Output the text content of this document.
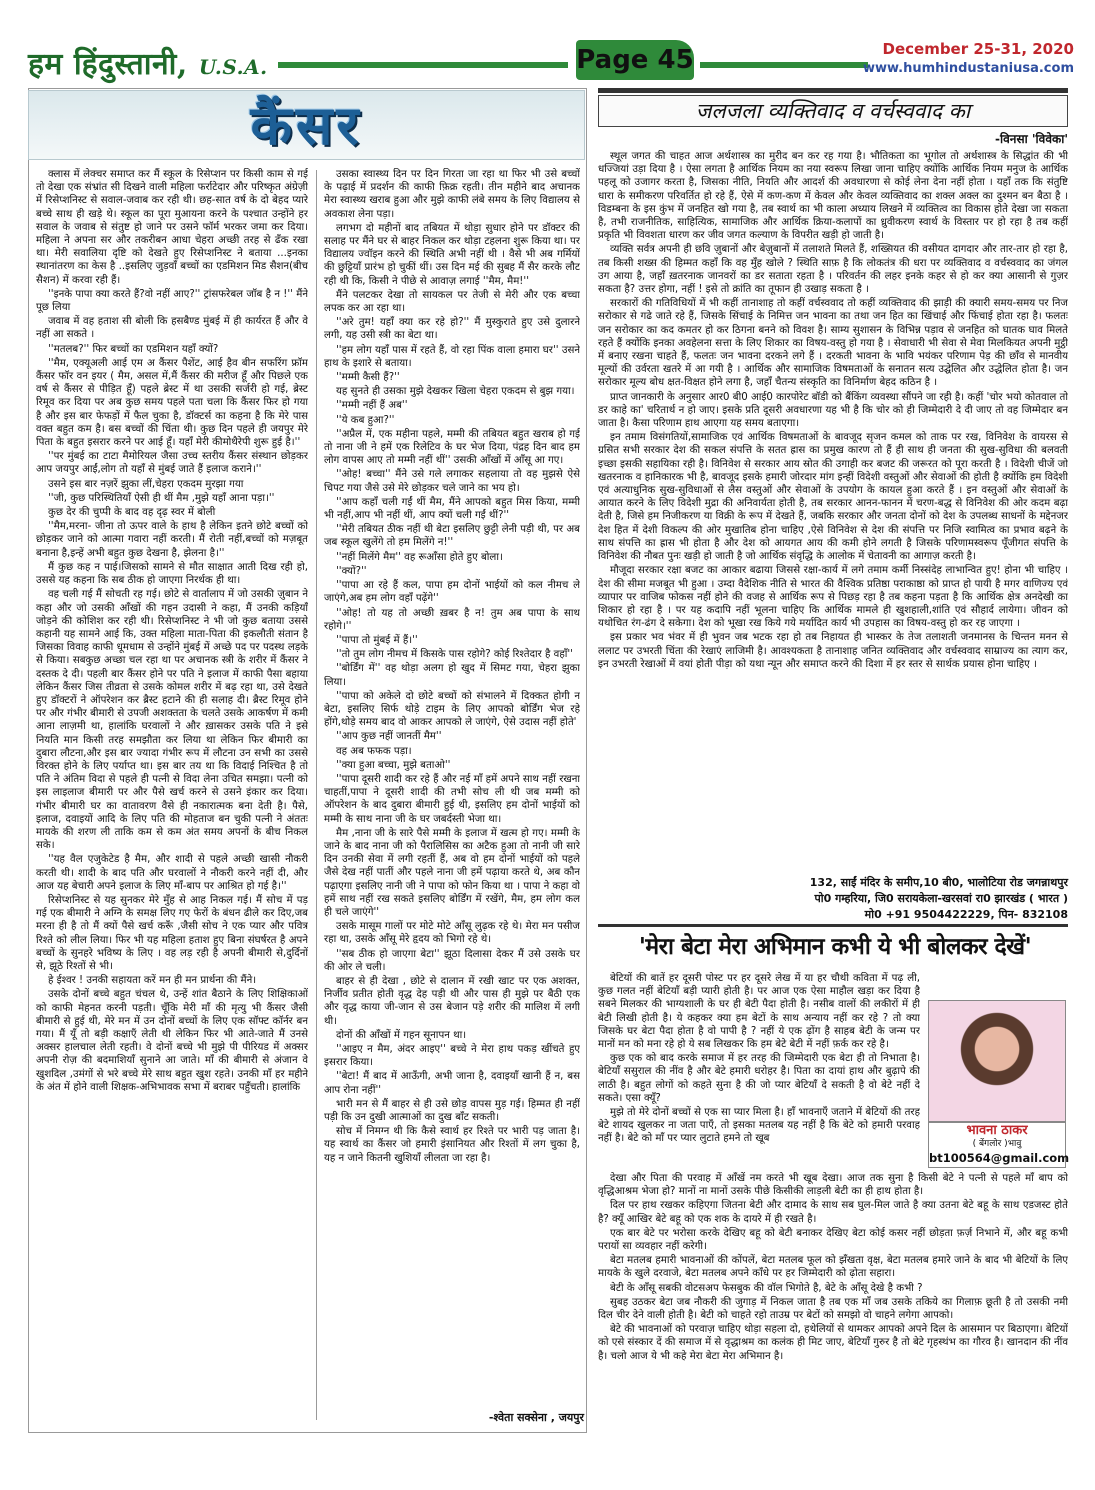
हम हिंदुस्तानी, U.S.A.	Page 45	December 25-31, 2020
www.humhindustaniusa.com
कैंसर

क्लास में लेक्चर समाप्त कर मैं स्कूल के रिसेप्शन पर किसी काम से गई तो देखा एक संभ्रांत सी दिखने वाली महिला फर्राटेदार और परिष्कृत अंग्रेज़ी में रिसेप्शनिस्ट से सवाल-जवाब कर रही थी। छह-सात वर्ष के दो बेहद प्यारे बच्चे साथ ही खड़े थे। स्कूल का पूरा मुआयना करने के पश्चात उन्होंने हर सवाल के जवाब से संतुष्ट हो जाने पर उसने फॉर्म भरकर जमा कर दिया। महिला ने अपना सर और तकरीबन आधा चेहरा अच्छी तरह से ढँक रखा था। मेरी सवालिया दृष्टि को देखते हुए रिसेप्शनिस्ट ने बताया ...इनका स्थानांतरण का केस है ..इसलिए जुड़वाँ बच्चों का एडमिशन मिड सैशन(बीच सैशन) में करवा रही हैं।

''इनके पापा क्या करते हैं?वो नहीं आए?'' ट्रांसफरेबल जॉब है न !'' मैंने पूछ लिया

जवाब में वह हताश सी बोली कि हसबैण्ड मुंबई में ही कार्यरत हैं और वे नहीं आ सकते ।

''मतलब?'' फिर बच्चों का एडमिशन यहाँ क्यों?

''मैम, एक्यूअली आई एम अ कैंसर पैशेंट, आई हैव बीन सफरिंग फ्रॉम कैंसर फॉर वन इयर ( मैम, असल में,मैं कैंसर की मरीज हूँ और पिछले एक वर्ष से कैंसर से पीड़ित हूँ) पहले ब्रेस्ट में था उसकी सर्जरी हो गई, ब्रेस्ट रिमूव कर दिया पर अब कुछ समय पहले पता चला कि कैंसर फिर हो गया है और इस बार फेफड़ों में फैल चुका है, डॉक्टर्स का कहना है कि मेरे पास वक्त बहुत कम है। बस बच्चों की चिंता थी। कुछ दिन पहले ही जयपुर मेरे पिता के बहुत इसरार करने पर आई हूँ। यहाँ मेरी कीमोथैरेपी शुरू हुई है।''

''पर मुंबई का टाटा मैमोरियल जैसा उच्च स्तरीय कैंसर संस्थान छोड़कर आप जयपुर आईं,लोग तो यहाँ से मुंबई जाते हैं इलाज कराने।''

उसने इस बार नज़रें झुका लीं,चेहरा एकदम मुरझा गया

''जी, कुछ परिस्थितियाँ ऐसी ही थीं मैम ,मुझे यहाँ आना पड़ा।''

कुछ देर की चुप्पी के बाद वह दृढ़ स्वर में बोली

''मैम,मरना- जीना तो ऊपर वाले के हाथ है लेकिन इतने छोटे बच्चों को छोड़कर जाने को आत्मा गवारा नहीं करती। मैं रोती नहीं,बच्चों को मज़बूत बनाना है,इन्हें अभी बहुत कुछ देखना है, झेलना है।''

मैं कुछ कह न पाई।जिसको सामने से मौत साक्षात आती दिख रही हो, उससे यह कहना कि सब ठीक हो जाएगा निरर्थक ही था।

वह चली गई मैं सोचती रह गई। छोटे से वार्तालाप में जो उसकी ज़ुबान ने कहा और जो उसकी आँखों की गहन उदासी ने कहा, मैं उनकी कड़ियाँ जोड़ने की कोशिश कर रही थी। रिसेप्शनिस्ट ने भी जो कुछ बताया उससे कहानी यह सामने आई कि, उक्त महिला माता-पिता की इकलौती संतान है जिसका विवाह काफी धूमधाम से उन्होंने मुंबई में अच्छे पद पर पदस्थ लड़के से किया। सबकुछ अच्छा चल रहा था पर अचानक स्त्री के शरीर में कैंसर ने दस्तक दे दी। पहली बार कैंसर होने पर पति ने इलाज में काफी पैसा बहाया लेकिन कैंसर जिस तीव्रता से उसके कोमल शरीर में बढ़ रहा था, उसे देखते हुए डॉक्टरों ने ऑपरेशन कर ब्रैस्ट हटाने की ही सलाह दी। ब्रैस्ट रिमूव होने पर और गंभीर बीमारी से उपजी अशक्तता के चलते उसके आकर्षण में कमी आना लाज़मी था, हालांकि घरवालों ने और ख़ासकर उसके पति ने इसे नियति मान किसी तरह समझौता कर लिया था लेकिन फिर बीमारी का दुबारा लौटना,और इस बार ज्यादा गंभीर रूप में लौटना उन सभी का उससे विरक्त होने के लिए पर्याप्त था। इस बार तय था कि विदाई निश्चित है तो पति ने अंतिम विदा से पहले ही पत्नी से विदा लेना उचित समझा। पत्नी को इस लाइलाज बीमारी पर और पैसे खर्च करने से उसने इंकार कर दिया। गंभीर बीमारी घर का वातावरण वैसे ही नकारात्मक बना देती है। पैसे, इलाज, दवाइयों आदि के लिए पति की मोहताज बन चुकी पत्नी ने अंततः मायके की शरण ली ताकि कम से कम अंत समय अपनों के बीच निकल सके।

''यह वैल एजुकेटेड है मैम, और शादी से पहले अच्छी खासी नौकरी करती थी। शादी के बाद पति और घरवालों ने नौकरी करने नहीं दी, और आज यह बेचारी अपने इलाज के लिए माँ-बाप पर आश्रित हो गई है।''

रिसेप्शनिस्ट से यह सुनकर मेरे मुँह से आह निकल गई। मैं सोच में पड़ गई एक बीमारी ने अग्नि के समक्ष लिए गए फेरों के बंधन ढीले कर दिए,जब मरना ही है तो मैं क्यों पैसे खर्च करूँ ,जैसी सोच ने एक प्यार और पवित्र रिश्ते को लील लिया। फिर भी यह महिला हताश हुए बिना संघर्षरत है अपने बच्चों के सुनहरे भविष्य के लिए । वह लड़ रही है अपनी बीमारी से,दुर्दिनों से, झूठे रिश्तों से भी।

हे ईश्वर ! उनकी सहायता करें मन ही मन प्रार्थना की मैंने।

उसके दोनों बच्चे बहुत चंचल थे, उन्हें शांत बैठाने के लिए शिक्षिकाओं को काफी मेहनत करनी पड़ती। चूँकि मेरी माँ की मृत्यु भी कैंसर जैसी बीमारी से हुई थी, मेरे मन में उन दोनों बच्चों के लिए एक सॉफ्ट कॉर्नर बन गया। मैं यूँ तो बड़ी कक्षाएँ लेती थी लेकिन फिर भी आते-जाते मैं उनसे अक्सर हालचाल लेती रहती। वे दोनों बच्चे भी मुझे पी पीरियड में अक्सर अपनी रोज़ की बदमाशियाँ सुनाने आ जाते। माँ की बीमारी से अंजान वे खुशदिल ,उमंगों से भरे बच्चे मेरे साथ बहुत खुश रहते। उनकी माँ हर महीने के अंत में होने वाली शिक्षक-अभिभावक सभा में बराबर पहुँचती। हालांकि

उसका स्वास्थ्य दिन पर दिन गिरता जा रहा था फिर भी उसे बच्चों के पढ़ाई में प्रदर्शन की काफी फ़िक्र रहती। तीन महीने बाद अचानक मेरा स्वास्थ्य खराब हुआ और मुझे काफी लंबे समय के लिए विद्यालय से अवकाश लेना पड़ा।

लगभग दो महीनों बाद तबियत में थोड़ा सुधार होने पर डॉक्टर की सलाह पर मैंने घर से बाहर निकल कर थोड़ा टहलना शुरू किया था। पर विद्यालय ज्वॉइन करने की स्थिति अभी नहीं थी । वैसे भी अब गर्मियों की छुट्टियाँ प्रारंभ हो चुकीं थीं। उस दिन मई की सुबह मैं सैर करके लौट रही थी कि, किसी ने पीछे से आवाज़ लगाई ''मैम, मैम!''

मैंने पलटकर देखा तो सायकल पर तेजी से मेरी और एक बच्चा लपक कर आ रहा था।

''अरे तुम! यहाँ क्या कर रहे हो?'' मैं मुस्कुराते हुए उसे दुलारने लगी, यह उसी स्त्री का बेटा था।

''हम लोग यहाँ पास में रहते हैं, वो रहा पिंक वाला हमारा घर'' उसने हाथ के इशारे से बताया।

''मम्मी कैसी हैं?''

यह सुनते ही उसका मुझे देखकर खिला चेहरा एकदम से बुझ गया।

''मम्मी नहीं हैं अब''

''ये कब हुआ?''

''अप्रैल में, एक महीना पहले, मम्मी की तबियत बहुत खराब हो गई तो नाना जी ने हमें एक रिलेटिव के घर भेज दिया, पंद्रह दिन बाद हम लोग वापस आए तो मम्मी नहीं थीं'' उसकी आँखों में आँसू आ गए।

''ओह! बच्चा'' मैंने उसे गले लगाकर सहलाया तो वह मुझसे ऐसे चिपट गया जैसे उसे मेरे छोड़कर चले जाने का भय हो।

''आप कहाँ चली गईं थीं मैम, मैंने आपको बहुत मिस किया, मम्मी भी नहीं,आप भी नहीं थीं, आप क्यों चली गईं थीं?''

''मेरी तबियत ठीक नहीं थी बेटा इसलिए छुट्टी लेनी पड़ी थी, पर अब जब स्कूल खुलेंगे तो हम मिलेंगे न!''

''नहीं मिलेंगे मैम'' वह रूआँसा होते हुए बोला।

''क्यों?''

''पापा आ रहे हैं कल, पापा हम दोनों भाईयों को कल नीमच ले जाएंगे,अब हम लोग वहाँ पढ़ेंगे''

''ओह! तो यह तो अच्छी ख़बर है न! तुम अब पापा के साथ रहोगे।''

''पापा तो मुंबई में हैं।''

''तो तुम लोग नीमच में किसके पास रहोगे? कोई रिश्तेदार है वहाँ''

''बोर्डिंग में'' वह थोड़ा अलग हो खुद में सिमट गया, चेहरा झुका लिया।

''पापा को अकेले दो छोटे बच्चों को संभालने में दिक्कत होगी न बेटा, इसलिए सिर्फ थोड़े टाइम के लिए आपको बोर्डिंग भेज रहे होंगे,थोड़े समय बाद वो आकर आपको ले जाएंगे, ऐसे उदास नहीं होते'

''आप कुछ नहीं जानतीं मैम''

वह अब फफक पड़ा।

''क्या हुआ बच्चा, मुझे बताओ''

''पापा दूसरी शादी कर रहे हैं और नई माँ हमें अपने साथ नहीं रखना चाहतीं,पापा ने दूसरी शादी की तभी सोच ली थी जब मम्मी को ऑपरेशन के बाद दुबारा बीमारी हुई थी, इसलिए हम दोनों भाईयों को मम्मी के साथ नाना जी के घर जबर्दस्ती भेजा था।

मैम ,नाना जी के सारे पैसे मम्मी के इलाज में खत्म हो गए। मम्मी के जाने के बाद नाना जी को पैरालिसिस का अटैक हुआ तो नानी जी सारे दिन उनकी सेवा में लगी रहतीं हैं, अब वो हम दोनों भाईयों को पहले जैसे देख नहीं पातीं और पहले नाना जी हमें पढ़ाया करते थे, अब कौन पढ़ाएगा इसलिए नानी जी ने पापा को फोन किया था । पापा ने कहा वो हमें साथ नहीं रख सकते इसलिए बोर्डिंग में रखेंगे, मैम, हम लोग कल ही चले जाएंगे''

उसके मासूम गालों पर मोटे मोटे आँसू लुढ़क रहे थे। मेरा मन पसीज रहा था, उसके आँसू मेरे हृदय को भिगो रहे थे।

''सब ठीक हो जाएगा बेटा'' झूठा दिलासा देकर मैं उसे उसके घर की ओर ले चली।

बाहर से ही देखा , छोटे से दालान में रखी खाट पर एक अशक्त, निर्जीव प्रतीत होती वृद्ध देह पड़ी थी और पास ही मुझे पर बैठी एक और वृद्ध काया जी-जान से उस बेजान पड़े शरीर की मालिश में लगी थी।

दोनों की आँखों में गहन सूनापन था।

''आइए न मैम, अंदर आइए'' बच्चे ने मेरा हाथ पकड़ खींचते हुए इसरार किया।

''बेटा! मैं बाद में आऊँगी, अभी जाना है, दवाइयाँ खानी हैं न, बस आप रोना नहीं''

भारी मन से मैं बाहर से ही उसे छोड़ वापस मुड़ गई। हिम्मत ही नहीं पड़ी कि उन दुखी आत्माओं का दुख बाँट सकती।

सोच में निमग्न थी कि कैसे स्वार्थ हर रिश्ते पर भारी पड़ जाता है। यह स्वार्थ का कैंसर जो हमारी इंसानियत और रिश्तों में लग चुका है, यह न जाने कितनी खुशियाँ लीलता जा रहा है।

-श्वेता सक्सेना , जयपुर
जलजला व्यक्तिवाद व वर्चस्ववाद का
-विनसा 'विवेका'

स्थूल जगत की चाहत आज अर्थशास्त्र का मुरीद बन कर रह गया है। भौतिकता का भूगोल तो अर्थशास्त्र के सिद्धांत की भी धज्जियां उड़ा दिया है । ऐसा लगता है आर्थिक नियम का नया स्वरूप लिखा जाना चाहिए क्योंकि आर्थिक नियम मनुज के आर्थिक पहलू को उजागर करता है, जिसका नीति, नियति और आदर्श की अवधारणा से कोई लेना देना नहीं होता । यहाँ तक कि संतुष्टि धारा के समीकरण परिवर्तित हो रहे हैं, ऐसे में कण-कण में केवल और केवल व्यक्तिवाद का शक्ल अक्ल का दुश्मन बन बैठा है । विडम्बना के इस कुंभ में जनहित खो गया है, तब स्वार्थ का भी काला अध्याय लिखने में व्यक्तित्व का विकास होते देखा जा सकता है, तभी राजनीतिक, साहित्यिक, सामाजिक और आर्थिक क्रिया-कलापों का ध्रुवीकरण स्वार्थ के विस्तार पर हो रहा है तब कहीं प्रकृति भी विवशता धारण कर जीव जगत कल्याण के विपरीत खड़ी हो जाती है।

व्यक्ति सर्वत्र अपनी ही छवि ज़ुबानों और बेज़ुबानों में तलाशते मिलते हैं, शख्सियत की वसीयत दागदार और तार-तार हो रहा है, तब किसी शख्स की हिम्मत कहाँ कि वह मुँह खोले ? स्थिति साफ़ है कि लोकतंत्र की धरा पर व्यक्तिवाद व वर्चस्ववाद का जंगल उग आया है, जहाँ ख़तरनाक जानवरों का डर सताता रहता है । परिवर्तन की लहर इनके कहर से हो कर क्या आसानी से गुज़र सकता है? उत्तर होगा, नहीं ! इसे तो क्रांति का तूफान ही उखाड़ सकता है ।

सरकारों की गतिविधियों में भी कहीं तानाशाह तो कहीं वर्चस्ववाद तो कहीं व्यक्तिवाद की झाड़ी की क्यारी समय-समय पर निज सरोकार से गढे जाते रहे हैं, जिसके सिंचाई के निमित्त जन भावना का तथा जन हित का खिंचाई और फिंचाई होता रहा है। फलतः जन सरोकार का कद कमतर हो कर ठिगना बनने को विवश है। साम्य सुशासन के विभिन्न पड़ाव से जनहित को घातक घाव मिलते रहते हैं क्योंकि इनका अवहेलना सत्ता के लिए शिकार का विषय-वस्तु हो गया है । सेवाधारी भी सेवा से मेवा मिलकियत अपनी मुट्ठी में बनाए रखना चाहते हैं, फलतः जन भावना दरकने लगे हैं । दरकती भावना के भावि भयंकर परिणाम पेड़ की छाँव से मानवीय मूल्यों की उर्वरता खतरे में आ गयी है । आर्थिक और सामाजिक विषमताओं के सनातन सत्य उद्घेलित और उद्धेलित होता है। जन सरोकार मूल्य बोध क्षत-विक्षत होने लगा है, जहाँ चैतन्य संस्कृति का विनिर्माण बेहद कठिन है ।

प्राप्त जानकारी के अनुसार आर0 बी0 आई0 कारपोरेट बॉडी को बैंकिंग व्यवस्था सौंपने जा रही है। कहीं 'चोर भयो कोतवाल तो डर काहे का' चरितार्थ न हो जाए। इसके प्रति दूसरी अवधारणा यह भी है कि चोर को ही जिम्मेदारी दे दी जाए तो वह जिम्मेदार बन जाता है। कैसा परिणाम हाथ आएगा यह समय बताएगा।

इन तमाम विसंगतियों,सामाजिक एवं आर्थिक विषमताओं के बावजूद सृजन कमल को ताक पर रख, विनिवेश के वायरस से ग्रसित सभी सरकार देश की सकल संपत्ति के सतत ह्रास का प्रमुख कारण तो हैं ही साथ ही जनता की सुख-सुविधा की बलवती इच्छा इसकी सहायिका रही है। विनिवेश से सरकार आय स्रोत की उगाही कर बजट की जरूरत को पूरा करती है । विदेशी चीजें जो खतरनाक व हानिकारक भी है, बावजूद इसके हमारी जोरदार मांग इन्हीं विदेशी वस्तुओं और सेवाओं की होती है क्योंकि हम विदेशी एवं अत्याधुनिक सुख-सुविधाओं से लैस वस्तुओं और सेवाओं के उपयोग के कायल हुआ करते हैं । इन वस्तुओं और सेवाओं के आयात करने के लिए विदेशी मुद्रा की अनिवार्यता होती है, तब सरकार आनन-फानन में चरण-बद्ध से विनिवेश की ओर कदम बढ़ा देती है, जिसे हम निजीकरण या विक्री के रूप में देखते हैं, जबकि सरकार और जनता दोनों को देश के उपलब्ध साधनों के मद्देनजर देश हित में देशी विकल्प की ओर मुखातिब होना चाहिए ,ऐसे विनिवेश से देश की संपत्ति पर निजि स्वामित्व का प्रभाव बढ़ने के साथ संपत्ति का ह्रास भी होता है और देश को आयगत आय की कमी होने लगती है जिसके परिणामस्वरूप पूँजीगत संपत्ति के विनिवेश की नौबत पुनः खड़ी हो जाती है जो आर्थिक संवृद्धि के आलोक में चेतावनी का आगाज़ करती है।

मौजूदा सरकार रक्षा बजट का आकार बढाया जिससे रक्षा-कार्य में लगे तमाम कर्मी निस्संदेह लाभान्वित हुए! होना भी चाहिए । देश की सीमा मजबूत भी हुआ । उम्दा वैदेशिक नीति से भारत की वैश्विक प्रतिष्ठा पराकाष्ठा को प्राप्त हो पायी है मगर वाणिज्य एवं व्यापार पर वाजिब फोकस नहीं होने की वजह से आर्थिक रूप से पिछड़ रहा है तब कहना पड़ता है कि आर्थिक क्षेत्र अनदेखी का शिकार हो रहा है । पर यह कदापि नहीं भूलना चाहिए कि आर्थिक मामले ही खुशहाली,शांति एवं सौहार्द लायेगा। जीवन को यथोचित रंग-ढंग दे सकेगा। देश को भूखा रख किये गये मर्यादित कार्य भी उपहास का विषय-वस्तु हो कर रह जाएगा ।

इस प्रकार भव भंवर में ही भुवन जब भटक रहा हो तब निहायत ही भास्कर के तेज तलाशती जनमानस के चिन्तन मनन से ललाट पर उभरती चिंता की रेखाएं लाजिमी है। आवश्यकता है तानाशाह जनित व्यक्तिवाद और वर्चस्ववाद साम्राज्य का त्याग कर, इन उभरती रेखाओं में वयां होती पीड़ा को यथा न्यून और समाप्त करने की दिशा में हर स्तर से सार्थक प्रयास होना चाहिए ।

132, साईं मंदिर के समीप,10 बी0, भालोटिया रोड जगन्नाथपुर
पो0 गम्हरिया, जि0 सरायकेला-खरसवां रा0 झारखंड ( भारत )
मो0 +91 9504422229, पिन- 832108
'मेरा बेटा मेरा अभिमान कभी ये भी बोलकर देखें'

बेटियों की बातें हर दूसरी पोस्ट पर हर दूसरे लेख में या हर चौथी कविता में पढ़ ली, कुछ गलत नहीं बेटियाँ बड़ी प्यारी होती है। पर आज एक ऐसा माहौल खड़ा कर दिया है सबने मिलकर की भाग्यशाली के घर ही बेटी पैदा होती है। नसीब वालों की लकीरों में ही बेटी लिखी होती है। ये कहकर क्या हम बेटों के साथ अन्याय नहीं कर रहे ? तो क्या जिसके घर बेटा पैदा होता है वो पापी है ? नहीं ये एक ढ़ोंग है साहब बेटी के जन्म पर मानों मन को मना रहे हो ये सब लिखकर कि हम बेटे बेटी में नहीं फ़र्क कर रहे है।

कुछ एक को बाद करके समाज में हर तरह की जिम्मेदारी एक बेटा ही तो निभाता है। बेटियाँ ससुराल की नींव है और बेटे हमारी धरोहर है। पिता का दायां हाथ और बुढ़ापे की लाठी है। बहुत लोगों को कहते सुना है की जो प्यार बेटियाँ दे सकती है वो बेटे नहीं दे सकते। एसा क्यूँ?

मुझे तो मेरे दोनों बच्चों से एक सा प्यार मिला है। हाँ भावनाएँ जताने में बेटियों की तरह बेटे शायद खुलकर ना जता पाएँ, तो इसका मतलब यह नहीं है कि बेटे को हमारी परवाह नहीं है। बेटे को माँ पर प्यार लुटाते हमने तो खूब

भावना ठाकर
( बेंगलोर )भावु
bt100564@gmail.com

देखा और पिता की परवाह में आँखें नम करते भी खूब देखा। आज तक सुना है किसी बेटे ने पत्नी से पहले माँ बाप को वृद्धिआश्रम भेजा हो? मानों ना मानों उसके पीछे किसीकी लाड़ली बेटी का ही हाथ होता है।

दिल पर हाथ रखकर कहिएगा जितना बेटी और दामाद के साथ सब घुल-मिल जाते है क्या उतना बेटे बहू के साथ एडजस्ट होते है? क्यूँ आखिर बेटे बहू को एक शक के दायरे में ही रखते है।

एक बार बेटे पर भरोसा करके देखिए बहू को बेटी बनाकर देखिए बेटा कोई कसर नहीं छोड़ता फ़र्ज़ निभाने में, और बहू कभी परायों सा व्यवहार नहीं करेगी।

बेटा मतलब हमारी भावनाओं की कोंपलें, बेटा मतलब फूल को झँखता वृक्ष, बेटा मतलब हमारे जाने के बाद भी बेटियों के लिए मायके के खुले दरवाजे, बेटा मतलब अपने काँधे पर हर जिम्मेदारी को ढ़ोता सहारा।

बेटी के आँसू सबकी वोटसअप फेसबुक की वॉल भिगोते है, बेटे के आँसू देखे है कभी ?

सुबह उठकर बेटा जब नौकरी की जुगाड़ में निकल जाता है तब एक माँ जब उसके तकिये का गिलाफ़ छूती है तो उसकी नमी दिल चीर देने वाली होती है। बेटी को चाहते रहो ताउम्र पर बेटों को समझो वो चाहने लगेगा आपको।

बेटे की भावनाओं को परवाज़ चाहिए थोड़ा सहला दो, हथेलियों से थामकर आपको अपने दिल के आसमान पर बिठाएगा। बेटियों को एसे संस्कार दें की समाज में से वृद्धाश्रम का कलंक ही मिट जाए, बेटियाँ गुरुर है तो बेटे गृहस्थंभ का गौरव है। खानदान की नींव है। चलो आज ये भी कहे मेरा बेटा मेरा अभिमान है।
